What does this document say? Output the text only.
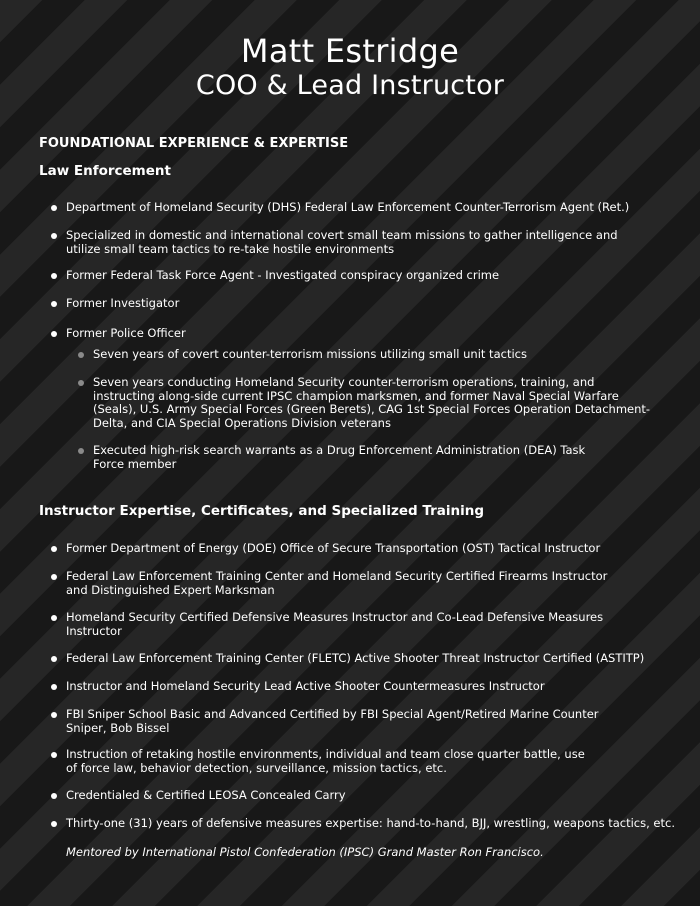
Matt Estridge
COO & Lead Instructor
FOUNDATIONAL EXPERIENCE & EXPERTISE
Law Enforcement
Department of Homeland Security (DHS) Federal Law Enforcement Counter-Terrorism Agent (Ret.)
Specialized in domestic and international covert small team missions to gather intelligence and utilize small team tactics to re-take hostile environments
Former Federal Task Force Agent - Investigated conspiracy organized crime
Former Investigator
Former Police Officer
Seven years of covert counter-terrorism missions utilizing small unit tactics
Seven years conducting Homeland Security counter-terrorism operations, training, and instructing along-side current IPSC champion marksmen, and former Naval Special Warfare (Seals), U.S. Army Special Forces (Green Berets), CAG 1st Special Forces Operation Detachment-Delta, and CIA Special Operations Division veterans
Executed high-risk search warrants as a Drug Enforcement Administration (DEA) Task Force member
Instructor Expertise, Certificates, and Specialized Training
Former Department of Energy (DOE) Office of Secure Transportation (OST) Tactical Instructor
Federal Law Enforcement Training Center and Homeland Security Certified Firearms Instructor and Distinguished Expert Marksman
Homeland Security Certified Defensive Measures Instructor and Co-Lead Defensive Measures Instructor
Federal Law Enforcement Training Center (FLETC) Active Shooter Threat Instructor Certified (ASTITP)
Instructor and Homeland Security Lead Active Shooter Countermeasures Instructor
FBI Sniper School Basic and Advanced Certified by FBI Special Agent/Retired Marine Counter Sniper, Bob Bissel
Instruction of retaking hostile environments, individual and team close quarter battle, use of force law, behavior detection, surveillance, mission tactics, etc.
Credentialed & Certified LEOSA Concealed Carry
Thirty-one (31) years of defensive measures expertise: hand-to-hand, BJJ, wrestling, weapons tactics, etc.
Mentored by International Pistol Confederation (IPSC) Grand Master Ron Francisco.
